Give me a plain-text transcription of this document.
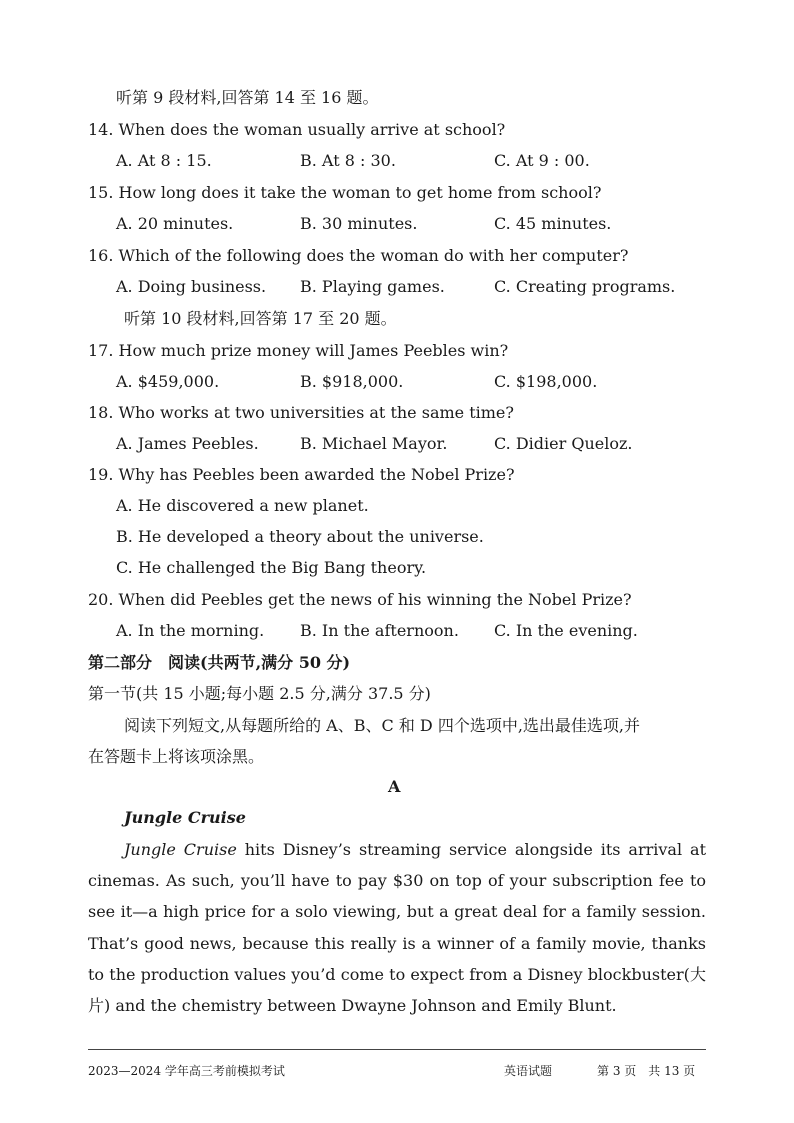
听第 9 段材料,回答第 14 至 16 题。
14. When does the woman usually arrive at school?
A. At 8 : 15.	B. At 8 : 30.	C. At 9 : 00.
15. How long does it take the woman to get home from school?
A. 20 minutes.	B. 30 minutes.	C. 45 minutes.
16. Which of the following does the woman do with her computer?
A. Doing business. B. Playing games.	C. Creating programs.
听第 10 段材料,回答第 17 至 20 题。
17. How much prize money will James Peebles win?
A. $459,000.	B. $918,000.	C. $198,000.
18. Who works at two universities at the same time?
A. James Peebles.	B. Michael Mayor.	C. Didier Queloz.
19. Why has Peebles been awarded the Nobel Prize?
A. He discovered a new planet.
B. He developed a theory about the universe.
C. He challenged the Big Bang theory.
20. When did Peebles get the news of his winning the Nobel Prize?
A. In the morning. B. In the afternoon. C. In the evening.
第二部分　阅读(共两节,满分 50 分)
第一节(共 15 小题;每小题 2.5 分,满分 37.5 分)
阅读下列短文,从每题所给的 A、B、C 和 D 四个选项中,选出最佳选项,并
在答题卡上将该项涂黑。
A
Jungle Cruise
Jungle Cruise hits Disney’s streaming service alongside its arrival at cinemas. As such, you’ll have to pay $30 on top of your subscription fee to see it—a high price for a solo viewing, but a great deal for a family session. That’s good news, because this really is a winner of a family movie, thanks to the production values you’d come to expect from a Disney blockbuster(大片) and the chemistry between Dwayne Johnson and Emily Blunt.
2023—2024 学年高三考前模拟考试	英语试题	第 3 页　共 13 页
